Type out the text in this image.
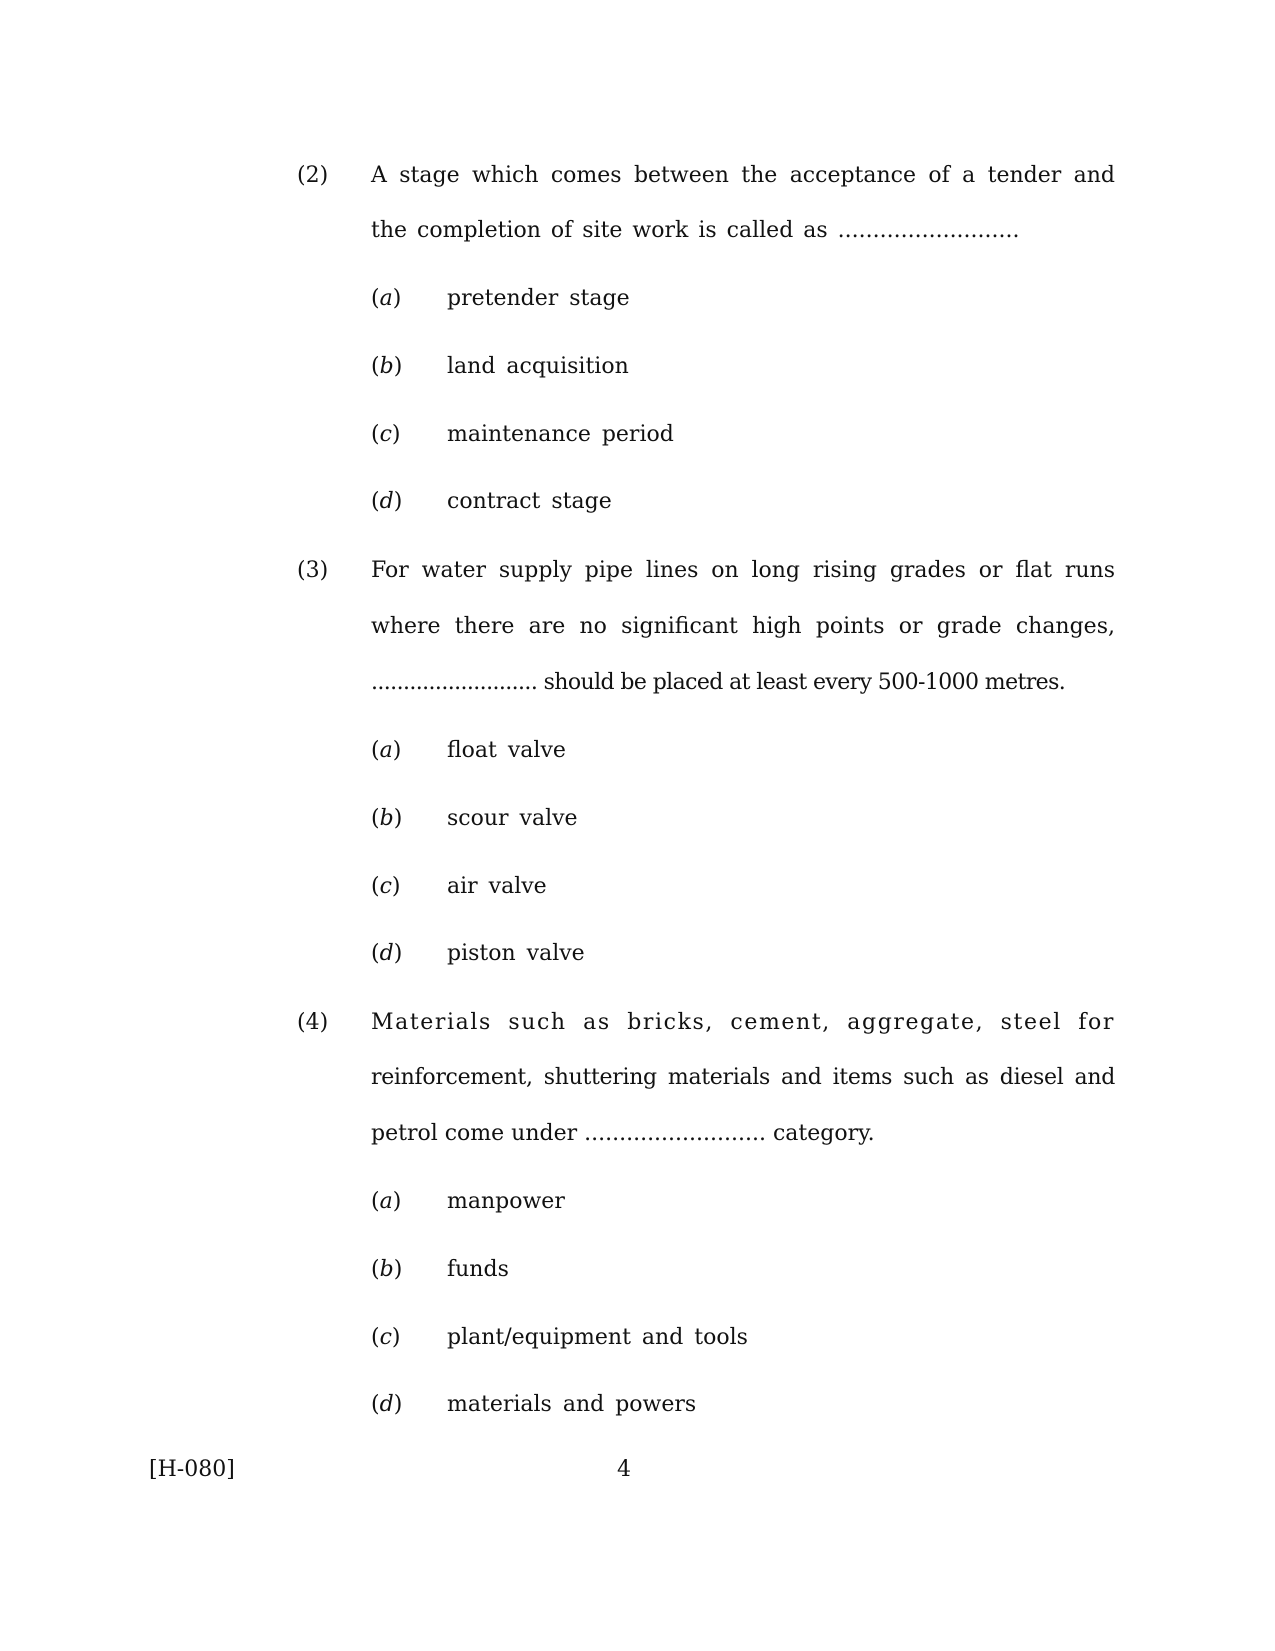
(2) A stage which comes between the acceptance of a tender and
the completion of site work is called as ..........................
(a) pretender stage
(b) land acquisition
(c) maintenance period
(d) contract stage
(3) For water supply pipe lines on long rising grades or flat runs
where there are no significant high points or grade changes,
.......................... should be placed at least every 500-1000 metres.
(a) float valve
(b) scour valve
(c) air valve
(d) piston valve
(4) Materials such as bricks, cement, aggregate, steel for
reinforcement, shuttering materials and items such as diesel and
petrol come under .......................... category.
(a) manpower
(b) funds
(c) plant/equipment and tools
(d) materials and powers
[H-080]	4
